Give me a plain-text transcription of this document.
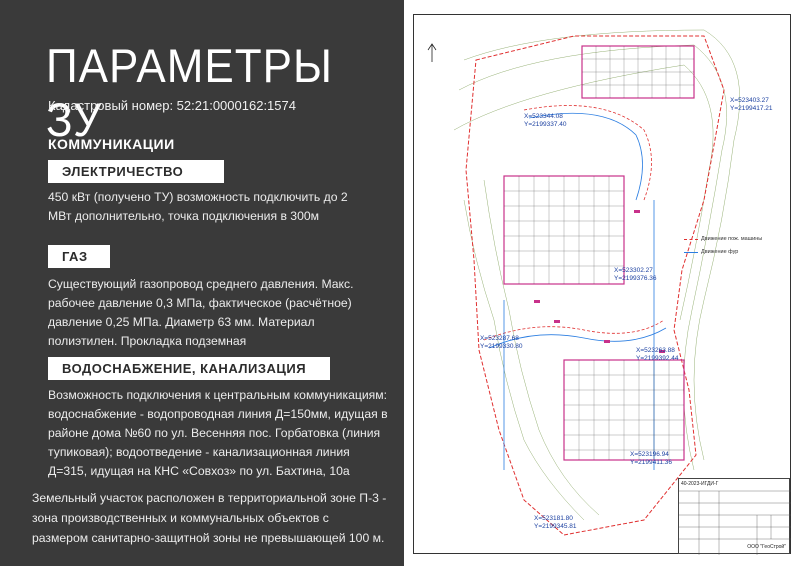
ПАРАМЕТРЫ ЗУ
Кадастровый номер: 52:21:0000162:1574
КОММУНИКАЦИИ
ЭЛЕКТРИЧЕСТВО
450 кВт (получено ТУ) возможность подключить до 2 МВт дополнительно, точка подключения в 300м
ГАЗ
Существующий газопровод среднего давления. Макс. рабочее давление 0,3 МПа, фактическое (расчётное) давление 0,25 МПа. Диаметр 63 мм. Материал полиэтилен. Прокладка подземная
ВОДОСНАБЖЕНИЕ, КАНАЛИЗАЦИЯ
Возможность подключения к центральным коммуникациям: водоснабжение - водопроводная линия Д=150мм, идущая в районе дома №60 по ул. Весенняя пос. Горбатовка (линия тупиковая); водоотведение - канализационная линия Д=315, идущая на КНС «Совхоз» по ул. Бахтина, 10а
Земельный участок расположен в территориальной зоне П-3 - зона производственных и коммунальных объектов с размером санитарно-защитной зоны не превышающей 100 м.
X=523403.27
Y=2199417.21
X=523344.08
Y=2199337.40
X=523302.27
Y=2199376.36
X=523287.68
Y=2199330.80
X=523263.88
Y=2199392.44
X=523196.94
Y=2199411.36
X=523181.80
Y=2199345.81
Движение пож. машины
Движение фур
40-2023-ИГДИ-Г
ООО "ГеоСтрой"
